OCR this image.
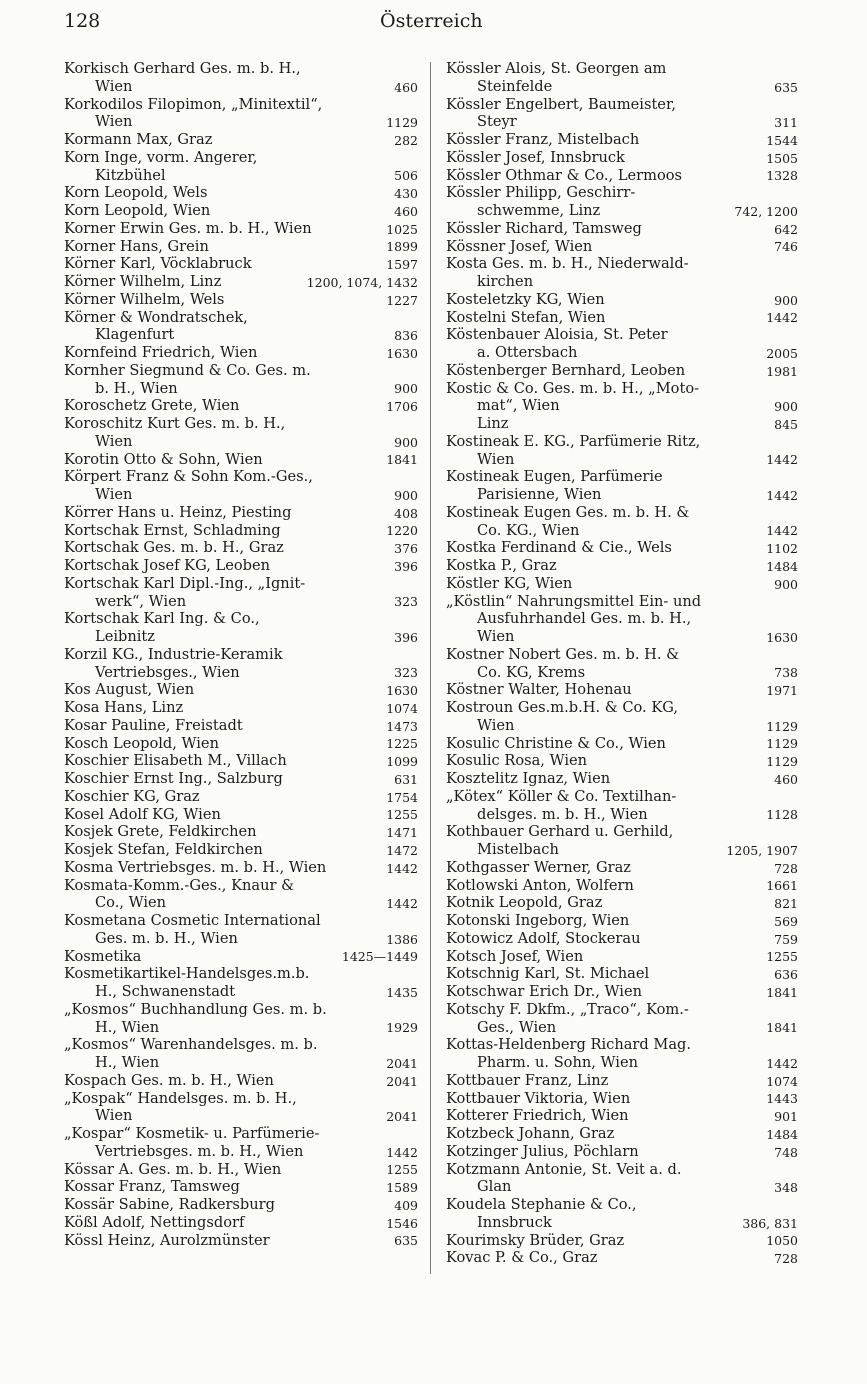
128	Österreich
Korkisch Gerhard Ges. m. b. H.,
Wien	460
Korkodilos Filopimon, „Minitextil“,
Wien	1129
Kormann Max, Graz	282
Korn Inge, vorm. Angerer,
Kitzbühel	506
Korn Leopold, Wels	430
Korn Leopold, Wien	460
Korner Erwin Ges. m. b. H., Wien	1025
Korner Hans, Grein	1899
Körner Karl, Vöcklabruck	1597
Körner Wilhelm, Linz	1200, 1074, 1432
Körner Wilhelm, Wels	1227
Körner & Wondratschek,
Klagenfurt	836
Kornfeind Friedrich, Wien	1630
Kornher Siegmund & Co. Ges. m.
b. H., Wien	900
Koroschetz Grete, Wien	1706
Koroschitz Kurt Ges. m. b. H.,
Wien	900
Korotin Otto & Sohn, Wien	1841
Körpert Franz & Sohn Kom.-Ges.,
Wien	900
Körrer Hans u. Heinz, Piesting	408
Kortschak Ernst, Schladming	1220
Kortschak Ges. m. b. H., Graz	376
Kortschak Josef KG, Leoben	396
Kortschak Karl Dipl.-Ing., „Ignit-
werk“, Wien	323
Kortschak Karl Ing. & Co.,
Leibnitz	396
Korzil KG., Industrie-Keramik
Vertriebsges., Wien	323
Kos August, Wien	1630
Kosa Hans, Linz	1074
Kosar Pauline, Freistadt	1473
Kosch Leopold, Wien	1225
Koschier Elisabeth M., Villach	1099
Koschier Ernst Ing., Salzburg	631
Koschier KG, Graz	1754
Kosel Adolf KG, Wien	1255
Kosjek Grete, Feldkirchen	1471
Kosjek Stefan, Feldkirchen	1472
Kosma Vertriebsges. m. b. H., Wien	1442
Kosmata-Komm.-Ges., Knaur &
Co., Wien	1442
Kosmetana Cosmetic International
Ges. m. b. H., Wien	1386
Kosmetika	1425—1449
Kosmetikartikel-Handelsges.m.b.
H., Schwanenstadt	1435
„Kosmos“ Buchhandlung Ges. m. b.
H., Wien	1929
„Kosmos“ Warenhandelsges. m. b.
H., Wien	2041
Kospach Ges. m. b. H., Wien	2041
„Kospak“ Handelsges. m. b. H.,
Wien	2041
„Kospar“ Kosmetik- u. Parfümerie-
Vertriebsges. m. b. H., Wien	1442
Kössar A. Ges. m. b. H., Wien	1255
Kossar Franz, Tamsweg	1589
Kossär Sabine, Radkersburg	409
Kößl Adolf, Nettingsdorf	1546
Kössl Heinz, Aurolzmünster	635
Kössler Alois, St. Georgen am
Steinfelde	635
Kössler Engelbert, Baumeister,
Steyr	311
Kössler Franz, Mistelbach	1544
Kössler Josef, Innsbruck	1505
Kössler Othmar & Co., Lermoos	1328
Kössler Philipp, Geschirr-
schwemme, Linz	742, 1200
Kössler Richard, Tamsweg	642
Kössner Josef, Wien	746
Kosta Ges. m. b. H., Niederwald-
kirchen
Kosteletzky KG, Wien	900
Kostelni Stefan, Wien	1442
Köstenbauer Aloisia, St. Peter
a. Ottersbach	2005
Köstenberger Bernhard, Leoben	1981
Kostic & Co. Ges. m. b. H., „Moto-
mat“, Wien	900
Linz	845
Kostineak E. KG., Parfümerie Ritz,
Wien	1442
Kostineak Eugen, Parfümerie
Parisienne, Wien	1442
Kostineak Eugen Ges. m. b. H. &
Co. KG., Wien	1442
Kostka Ferdinand & Cie., Wels	1102
Kostka P., Graz	1484
Köstler KG, Wien	900
„Köstlin“ Nahrungsmittel Ein- und
Ausfuhrhandel Ges. m. b. H.,
Wien	1630
Kostner Nobert Ges. m. b. H. &
Co. KG, Krems	738
Köstner Walter, Hohenau	1971
Kostroun Ges.m.b.H. & Co. KG,
Wien	1129
Kosulic Christine & Co., Wien	1129
Kosulic Rosa, Wien	1129
Kosztelitz Ignaz, Wien	460
„Kötex“ Köller & Co. Textilhan-
delsges. m. b. H., Wien	1128
Kothbauer Gerhard u. Gerhild,
Mistelbach	1205, 1907
Kothgasser Werner, Graz	728
Kotlowski Anton, Wolfern	1661
Kotnik Leopold, Graz	821
Kotonski Ingeborg, Wien	569
Kotowicz Adolf, Stockerau	759
Kotsch Josef, Wien	1255
Kotschnig Karl, St. Michael	636
Kotschwar Erich Dr., Wien	1841
Kotschy F. Dkfm., „Traco“, Kom.-
Ges., Wien	1841
Kottas-Heldenberg Richard Mag.
Pharm. u. Sohn, Wien	1442
Kottbauer Franz, Linz	1074
Kottbauer Viktoria, Wien	1443
Kotterer Friedrich, Wien	901
Kotzbeck Johann, Graz	1484
Kotzinger Julius, Pöchlarn	748
Kotzmann Antonie, St. Veit a. d.
Glan	348
Koudela Stephanie & Co.,
Innsbruck	386, 831
Kourimsky Brüder, Graz	1050
Kovac P. & Co., Graz	728
